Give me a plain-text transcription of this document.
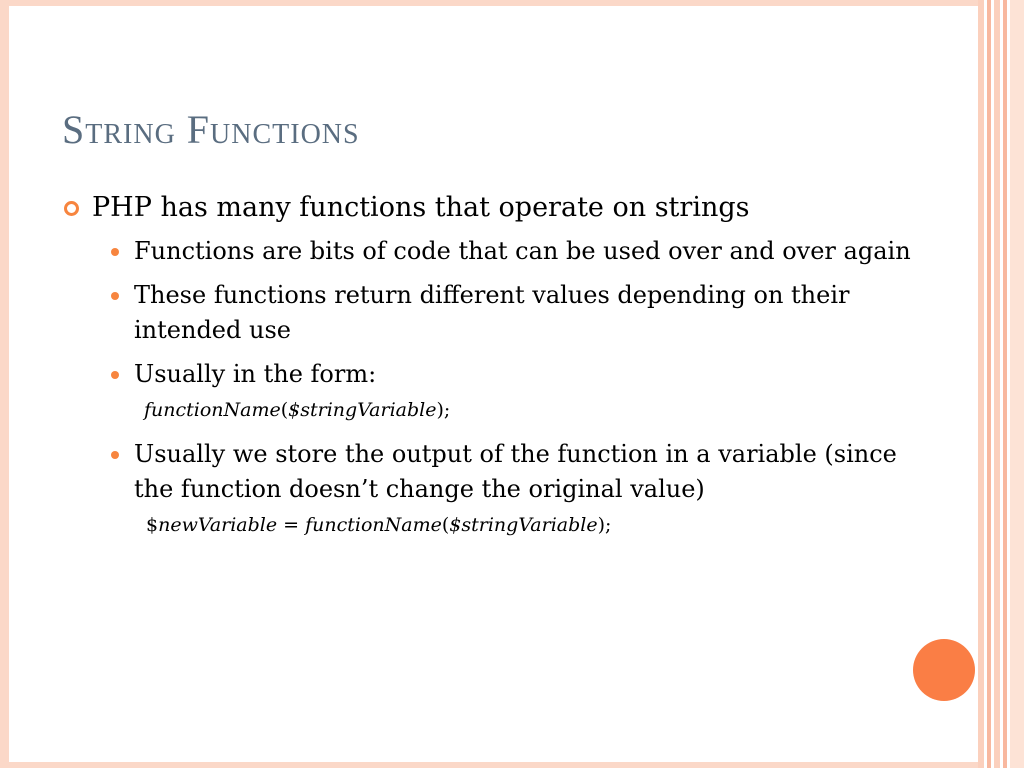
String Functions
PHP has many functions that operate on strings
Functions are bits of code that can be used over and over again
These functions return different values depending on their intended use
Usually in the form:
functionName($stringVariable);
Usually we store the output of the function in a variable (since the function doesn’t change the original value)
$newVariable = functionName($stringVariable);
